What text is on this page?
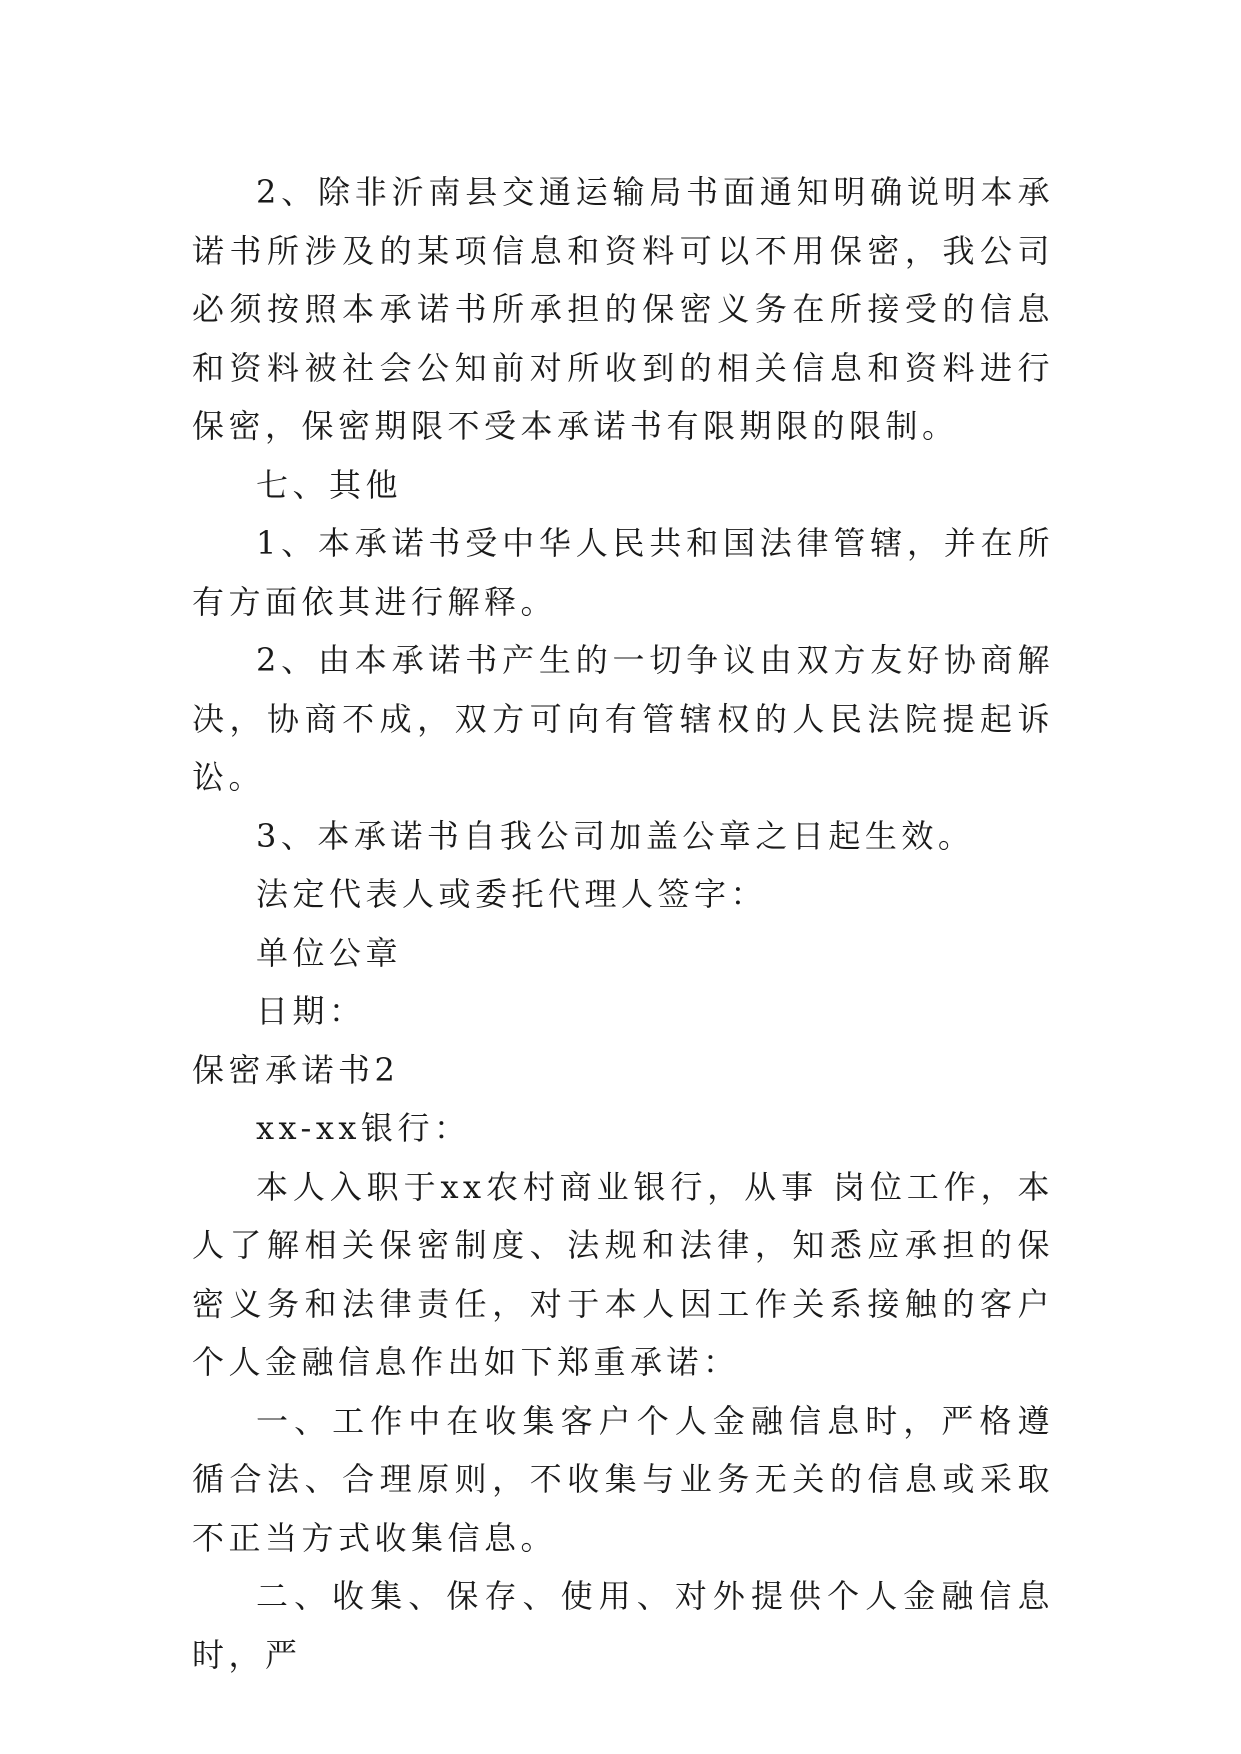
2、除非沂南县交通运输局书面通知明确说明本承诺书所涉及的某项信息和资料可以不用保密，我公司必须按照本承诺书所承担的保密义务在所接受的信息和资料被社会公知前对所收到的相关信息和资料进行保密，保密期限不受本承诺书有限期限的限制。

七、其他

1、本承诺书受中华人民共和国法律管辖，并在所有方面依其进行解释。

2、由本承诺书产生的一切争议由双方友好协商解决，协商不成，双方可向有管辖权的人民法院提起诉讼。

3、本承诺书自我公司加盖公章之日起生效。

法定代表人或委托代理人签字：

单位公章

日期：

保密承诺书2

xx-xx银行：

本人入职于xx农村商业银行，从事 岗位工作，本人了解相关保密制度、法规和法律，知悉应承担的保密义务和法律责任，对于本人因工作关系接触的客户个人金融信息作出如下郑重承诺：

一、工作中在收集客户个人金融信息时，严格遵循合法、合理原则，不收集与业务无关的信息或采取不正当方式收集信息。

二、收集、保存、使用、对外提供个人金融信息时，严
